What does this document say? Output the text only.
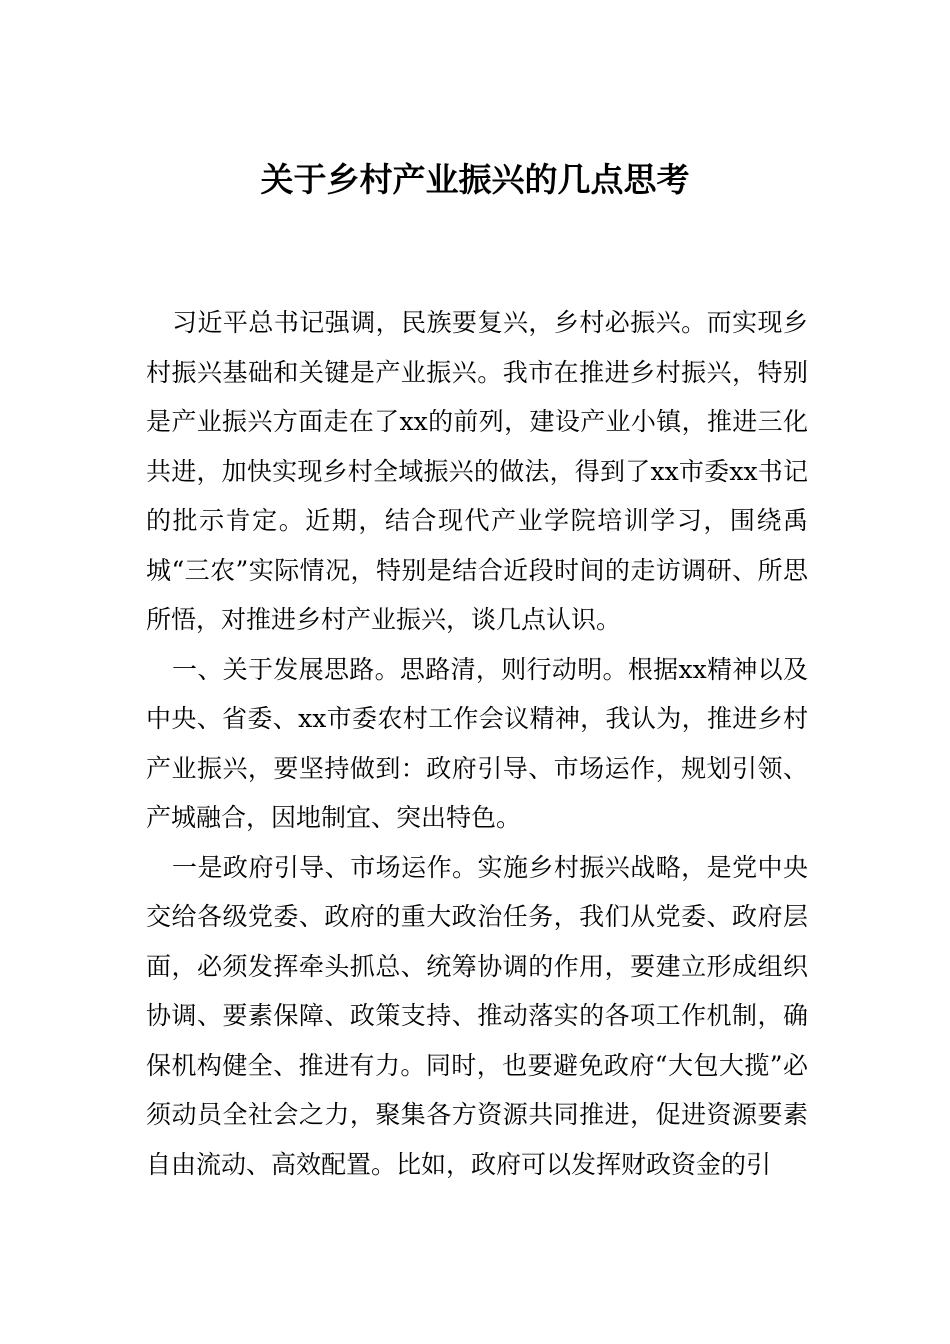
关于乡村产业振兴的几点思考

习近平总书记强调，民族要复兴，乡村必振兴。而实现乡村振兴基础和关键是产业振兴。我市在推进乡村振兴，特别是产业振兴方面走在了xx的前列，建设产业小镇，推进三化共进，加快实现乡村全域振兴的做法，得到了xx市委xx书记的批示肯定。近期，结合现代产业学院培训学习，围绕禹城“三农”实际情况，特别是结合近段时间的走访调研、所思所悟，对推进乡村产业振兴，谈几点认识。

一、关于发展思路。思路清，则行动明。根据xx精神以及中央、省委、xx市委农村工作会议精神，我认为，推进乡村产业振兴，要坚持做到：政府引导、市场运作，规划引领、产城融合，因地制宜、突出特色。

一是政府引导、市场运作。实施乡村振兴战略，是党中央交给各级党委、政府的重大政治任务，我们从党委、政府层面，必须发挥牵头抓总、统筹协调的作用，要建立形成组织协调、要素保障、政策支持、推动落实的各项工作机制，确保机构健全、推进有力。同时，也要避免政府“大包大揽”必须动员全社会之力，聚集各方资源共同推进，促进资源要素自由流动、高效配置。比如，政府可以发挥财政资金的引
